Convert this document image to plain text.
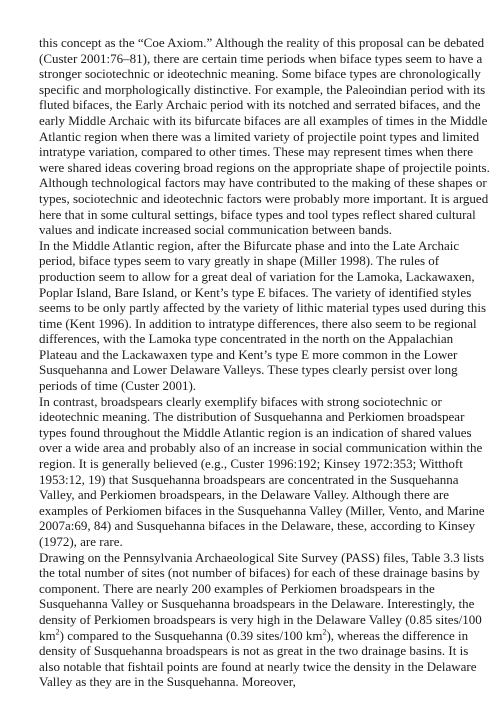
this concept as the “Coe Axiom.” Although the reality of this proposal can be debated (Custer 2001:76–81), there are certain time periods when biface types seem to have a stronger sociotechnic or ideotechnic meaning. Some biface types are chronologically specific and morphologically distinctive. For example, the Paleoindian period with its fluted bifaces, the Early Archaic period with its notched and serrated bifaces, and the early Middle Archaic with its bifurcate bifaces are all examples of times in the Middle Atlantic region when there was a limited variety of projectile point types and limited intratype variation, compared to other times. These may represent times when there were shared ideas covering broad regions on the appropriate shape of projectile points. Although technological factors may have contributed to the making of these shapes or types, sociotechnic and ideotechnic factors were probably more important. It is argued here that in some cultural settings, biface types and tool types reflect shared cultural values and indicate increased social communication between bands.

In the Middle Atlantic region, after the Bifurcate phase and into the Late Archaic period, biface types seem to vary greatly in shape (Miller 1998). The rules of production seem to allow for a great deal of variation for the Lamoka, Lackawaxen, Poplar Island, Bare Island, or Kent’s type E bifaces. The variety of identified styles seems to be only partly affected by the variety of lithic material types used during this time (Kent 1996). In addition to intratype differences, there also seem to be regional differences, with the Lamoka type concentrated in the north on the Appalachian Plateau and the Lackawaxen type and Kent’s type E more common in the Lower Susquehanna and Lower Delaware Valleys. These types clearly persist over long periods of time (Custer 2001).

In contrast, broadspears clearly exemplify bifaces with strong sociotechnic or ideotechnic meaning. The distribution of Susquehanna and Perkiomen broadspear types found throughout the Middle Atlantic region is an indication of shared values over a wide area and probably also of an increase in social communication within the region. It is generally believed (e.g., Custer 1996:192; Kinsey 1972:353; Witthoft 1953:12, 19) that Susquehanna broadspears are concentrated in the Susquehanna Valley, and Perkiomen broadspears, in the Delaware Valley. Although there are examples of Perkiomen bifaces in the Susquehanna Valley (Miller, Vento, and Marine 2007a:69, 84) and Susquehanna bifaces in the Delaware, these, according to Kinsey (1972), are rare.

Drawing on the Pennsylvania Archaeological Site Survey (PASS) files, Table 3.3 lists the total number of sites (not number of bifaces) for each of these drainage basins by component. There are nearly 200 examples of Perkiomen broadspears in the Susquehanna Valley or Susquehanna broadspears in the Delaware. Interestingly, the density of Perkiomen broadspears is very high in the Delaware Valley (0.85 sites/100 $km^2$) compared to the Susquehanna (0.39 sites/100 $km^2$), whereas the difference in density of Susquehanna broadspears is not as great in the two drainage basins. It is also notable that fishtail points are found at nearly twice the density in the Delaware Valley as they are in the Susquehanna. Moreover,
